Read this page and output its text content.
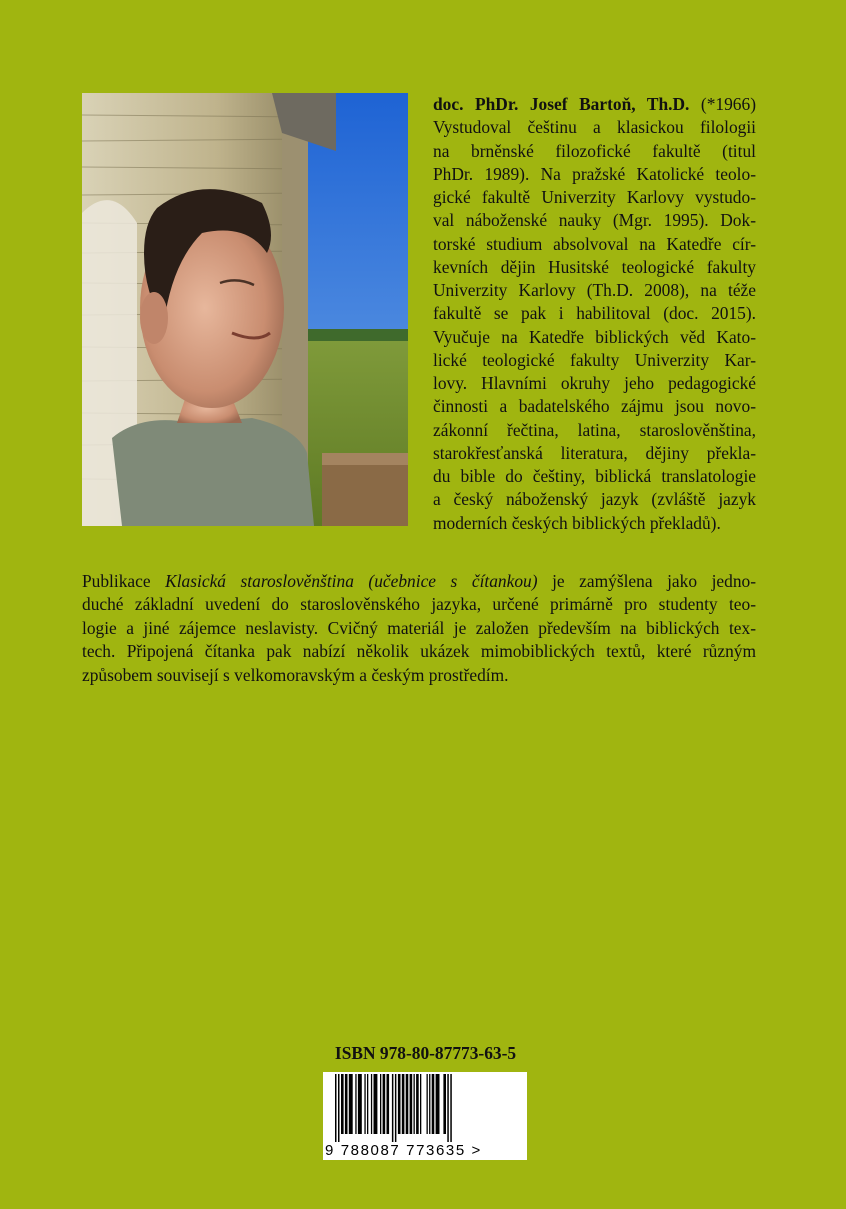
doc. PhDr. Josef Bartoň, Th.D. (*1966)
Vystudoval češtinu a klasickou filologii
na brněnské filozofické fakultě (titul
PhDr. 1989). Na pražské Katolické teolo-
gické fakultě Univerzity Karlovy vystudo-
val náboženské nauky (Mgr. 1995). Dok-
torské studium absolvoval na Katedře cír-
kevních dějin Husitské teologické fakulty
Univerzity Karlovy (Th.D. 2008), na téže
fakultě se pak i habilitoval (doc. 2015).
Vyučuje na Katedře biblických věd Kato-
lické teologické fakulty Univerzity Kar-
lovy. Hlavními okruhy jeho pedagogické
činnosti a badatelského zájmu jsou novo-
zákonní řečtina, latina, staroslověnština,
starokřesťanská literatura, dějiny překla-
du bible do češtiny, biblická translatologie
a český náboženský jazyk (zvláště jazyk
moderních českých biblických překladů).
Publikace Klasická staroslověnština (učebnice s čítankou) je zamýšlena jako jedno-
duché základní uvedení do staroslověnského jazyka, určené primárně pro studenty teo-
logie a jiné zájemce neslavisty. Cvičný materiál je založen především na biblických tex-
tech. Připojená čítanka pak nabízí několik ukázek mimobiblických textů, které různým
způsobem souvisejí s velkomoravským a českým prostředím.
ISBN 978-80-87773-63-5
9 788087 773635 >
